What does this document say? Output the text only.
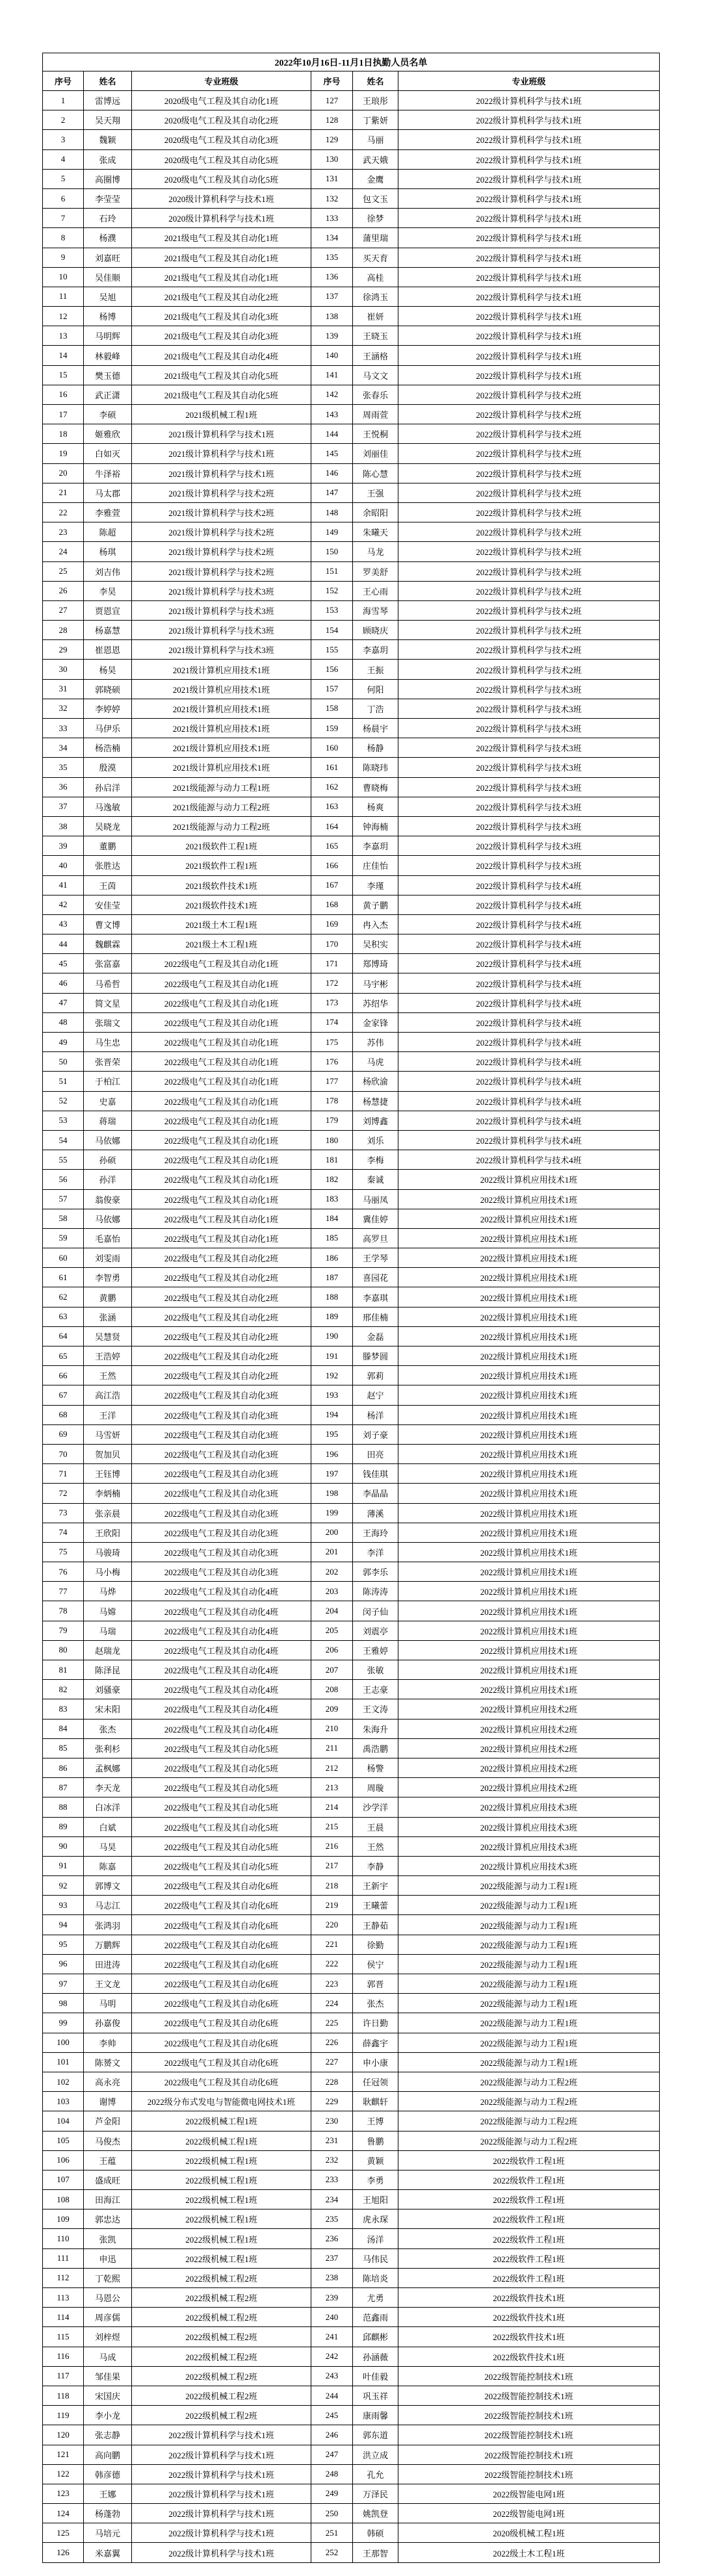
2022年10月16日-11月1日执勤人员名单
序号	姓名	专业班级	序号	姓名	专业班级
1	雷博远	2020级电气工程及其自动化1班	127	王琅彤	2022级计算机科学与技术1班
2	吴天翔	2020级电气工程及其自动化2班	128	丁紫妍	2022级计算机科学与技术1班
3	魏颖	2020级电气工程及其自动化3班	129	马丽	2022级计算机科学与技术1班
4	张成	2020级电气工程及其自动化5班	130	武天娥	2022级计算机科学与技术1班
5	高圈博	2020级电气工程及其自动化5班	131	金鹰	2022级计算机科学与技术1班
6	李莹莹	2020级计算机科学与技术1班	132	包文玉	2022级计算机科学与技术1班
7	石玲	2020级计算机科学与技术1班	133	徐梦	2022级计算机科学与技术1班
8	杨濮	2021级电气工程及其自动化1班	134	蒲里瑞	2022级计算机科学与技术1班
9	刘嘉旺	2021级电气工程及其自动化1班	135	买天育	2022级计算机科学与技术1班
10	吴佳顺	2021级电气工程及其自动化1班	136	高桂	2022级计算机科学与技术1班
11	吴旭	2021级电气工程及其自动化2班	137	徐鸿玉	2022级计算机科学与技术1班
12	杨博	2021级电气工程及其自动化3班	138	崔妍	2022级计算机科学与技术1班
13	马明辉	2021级电气工程及其自动化3班	139	王晓玉	2022级计算机科学与技术1班
14	林毅峰	2021级电气工程及其自动化4班	140	王涵格	2022级计算机科学与技术1班
15	樊玉德	2021级电气工程及其自动化5班	141	马文文	2022级计算机科学与技术1班
16	武正潇	2021级电气工程及其自动化5班	142	张春乐	2022级计算机科学与技术2班
17	李硕	2021级机械工程1班	143	周雨萱	2022级计算机科学与技术2班
18	姬雅欣	2021级计算机科学与技术1班	144	王悦桐	2022级计算机科学与技术2班
19	白如灭	2021级计算机科学与技术1班	145	刘丽佳	2022级计算机科学与技术2班
20	牛泽裕	2021级计算机科学与技术1班	146	陈心慧	2022级计算机科学与技术2班
21	马太郡	2021级计算机科学与技术2班	147	王强	2022级计算机科学与技术2班
22	李雅萱	2021级计算机科学与技术2班	148	余昭阳	2022级计算机科学与技术2班
23	陈超	2021级计算机科学与技术2班	149	朱曦天	2022级计算机科学与技术2班
24	杨琪	2021级计算机科学与技术2班	150	马龙	2022级计算机科学与技术2班
25	刘吉伟	2021级计算机科学与技术2班	151	罗美舒	2022级计算机科学与技术2班
26	李昊	2021级计算机科学与技术3班	152	王心雨	2022级计算机科学与技术2班
27	贾恩宣	2021级计算机科学与技术3班	153	海雪琴	2022级计算机科学与技术2班
28	杨嘉慧	2021级计算机科学与技术3班	154	顾晓庆	2022级计算机科学与技术2班
29	崔恩恩	2021级计算机科学与技术3班	155	李嘉玥	2022级计算机科学与技术2班
30	杨昊	2021级计算机应用技术1班	156	王振	2022级计算机科学与技术2班
31	郭晓硕	2021级计算机应用技术1班	157	何阳	2022级计算机科学与技术3班
32	李婷婷	2021级计算机应用技术1班	158	丁浩	2022级计算机科学与技术3班
33	马伊乐	2021级计算机应用技术1班	159	杨晨宇	2022级计算机科学与技术3班
34	杨浩楠	2021级计算机应用技术1班	160	杨静	2022级计算机科学与技术3班
35	殷漠	2021级计算机应用技术1班	161	陈晓玮	2022级计算机科学与技术3班
36	孙启洋	2021级能源与动力工程1班	162	曹晓梅	2022级计算机科学与技术3班
37	马逸敏	2021级能源与动力工程2班	163	杨爽	2022级计算机科学与技术3班
38	吴晓龙	2021级能源与动力工程2班	164	钟海楠	2022级计算机科学与技术3班
39	董鹏	2021级软件工程1班	165	李嘉玥	2022级计算机科学与技术3班
40	张胜达	2021级软件工程1班	166	庄佳怡	2022级计算机科学与技术3班
41	王茵	2021级软件技术1班	167	李瑾	2022级计算机科学与技术4班
42	安佳莹	2021级软件技术1班	168	黄子鹏	2022级计算机科学与技术4班
43	曹文博	2021级土木工程1班	169	冉入杰	2022级计算机科学与技术4班
44	魏麒霖	2021级土木工程1班	170	吴积实	2022级计算机科学与技术4班
45	张富嘉	2022级电气工程及其自动化1班	171	郑博琦	2022级计算机科学与技术4班
46	马希哲	2022级电气工程及其自动化1班	172	马宇彬	2022级计算机科学与技术4班
47	简文星	2022级电气工程及其自动化1班	173	苏绍华	2022级计算机科学与技术4班
48	张瑞文	2022级电气工程及其自动化1班	174	金家锋	2022级计算机科学与技术4班
49	马生忠	2022级电气工程及其自动化1班	175	苏伟	2022级计算机科学与技术4班
50	张晋荣	2022级电气工程及其自动化1班	176	马虎	2022级计算机科学与技术4班
51	于柏江	2022级电气工程及其自动化1班	177	杨欣渝	2022级计算机科学与技术4班
52	史嘉	2022级电气工程及其自动化1班	178	杨慧捷	2022级计算机科学与技术4班
53	蒋瑞	2022级电气工程及其自动化1班	179	刘博鑫	2022级计算机科学与技术4班
54	马依娜	2022级电气工程及其自动化1班	180	刘乐	2022级计算机科学与技术4班
55	孙硕	2022级电气工程及其自动化1班	181	李梅	2022级计算机科学与技术4班
56	孙洋	2022级电气工程及其自动化1班	182	秦诚	2022级计算机应用技术1班
57	翁俊豪	2022级电气工程及其自动化1班	183	马丽凤	2022级计算机应用技术1班
58	马依娜	2022级电气工程及其自动化1班	184	冀佳婷	2022级计算机应用技术1班
59	毛嘉怡	2022级电气工程及其自动化1班	185	高罗旦	2022级计算机应用技术1班
60	刘雯雨	2022级电气工程及其自动化2班	186	王学琴	2022级计算机应用技术1班
61	李智勇	2022级电气工程及其自动化2班	187	喜园花	2022级计算机应用技术1班
62	黄鹏	2022级电气工程及其自动化2班	188	李嘉琪	2022级计算机应用技术1班
63	张涵	2022级电气工程及其自动化2班	189	邢佳楠	2022级计算机应用技术1班
64	吴慧贤	2022级电气工程及其自动化2班	190	金磊	2022级计算机应用技术1班
65	王浩婷	2022级电气工程及其自动化2班	191	滕梦圆	2022级计算机应用技术1班
66	王然	2022级电气工程及其自动化2班	192	郭莉	2022级计算机应用技术1班
67	高江浩	2022级电气工程及其自动化3班	193	赵宁	2022级计算机应用技术1班
68	王洋	2022级电气工程及其自动化3班	194	杨洋	2022级计算机应用技术1班
69	马雪妍	2022级电气工程及其自动化3班	195	刘子豪	2022级计算机应用技术1班
70	贺加贝	2022级电气工程及其自动化3班	196	田亮	2022级计算机应用技术1班
71	王钰博	2022级电气工程及其自动化3班	197	钱佳琪	2022级计算机应用技术1班
72	李炳楠	2022级电气工程及其自动化3班	198	李晶晶	2022级计算机应用技术1班
73	张亲晨	2022级电气工程及其自动化3班	199	薄溪	2022级计算机应用技术1班
74	王欣阳	2022级电气工程及其自动化3班	200	王海玲	2022级计算机应用技术1班
75	马骏琦	2022级电气工程及其自动化3班	201	李洋	2022级计算机应用技术1班
76	马小梅	2022级电气工程及其自动化3班	202	郭李乐	2022级计算机应用技术1班
77	马烨	2022级电气工程及其自动化4班	203	陈涛涛	2022级计算机应用技术1班
78	马嫦	2022级电气工程及其自动化4班	204	闵子仙	2022级计算机应用技术1班
79	马瑞	2022级电气工程及其自动化4班	205	刘震亭	2022级计算机应用技术1班
80	赵瑞龙	2022级电气工程及其自动化4班	206	王雅婷	2022级计算机应用技术1班
81	陈泽昆	2022级电气工程及其自动化4班	207	张敏	2022级计算机应用技术1班
82	刘骚豪	2022级电气工程及其自动化4班	208	王志豪	2022级计算机应用技术1班
83	宋未阳	2022级电气工程及其自动化4班	209	王文涛	2022级计算机应用技术2班
84	张杰	2022级电气工程及其自动化4班	210	朱海升	2022级计算机应用技术2班
85	张利杉	2022级电气工程及其自动化5班	211	禹浩鹏	2022级计算机应用技术2班
86	孟枫娜	2022级电气工程及其自动化5班	212	杨警	2022级计算机应用技术2班
87	李天龙	2022级电气工程及其自动化5班	213	周璇	2022级计算机应用技术2班
88	白冰洋	2022级电气工程及其自动化5班	214	沙学洋	2022级计算机应用技术3班
89	白斌	2022级电气工程及其自动化5班	215	王晨	2022级计算机应用技术3班
90	马昊	2022级电气工程及其自动化5班	216	王然	2022级计算机应用技术3班
91	陈嘉	2022级电气工程及其自动化5班	217	李静	2022级计算机应用技术3班
92	郭博文	2022级电气工程及其自动化6班	218	王新宇	2022级能源与动力工程1班
93	马志江	2022级电气工程及其自动化6班	219	王曦蕾	2022级能源与动力工程1班
94	张鸿羽	2022级电气工程及其自动化6班	220	王静茹	2022级能源与动力工程1班
95	万鹏辉	2022级电气工程及其自动化6班	221	徐勤	2022级能源与动力工程1班
96	田进涛	2022级电气工程及其自动化6班	222	侯宁	2022级能源与动力工程1班
97	王文龙	2022级电气工程及其自动化6班	223	郭晋	2022级能源与动力工程1班
98	马明	2022级电气工程及其自动化6班	224	张杰	2022级能源与动力工程1班
99	孙嘉俊	2022级电气工程及其自动化6班	225	许日勤	2022级能源与动力工程1班
100	李帅	2022级电气工程及其自动化6班	226	薛鑫宇	2022级能源与动力工程1班
101	陈赟文	2022级电气工程及其自动化6班	227	申小康	2022级能源与动力工程1班
102	高永亮	2022级电气工程及其自动化6班	228	任冠领	2022级能源与动力工程2班
103	谢博	2022级分布式发电与智能微电网技术1班	229	耿麒轩	2022级能源与动力工程2班
104	芦金阳	2022级机械工程1班	230	王博	2022级能源与动力工程2班
105	马俊杰	2022级机械工程1班	231	鲁鹏	2022级能源与动力工程2班
106	王蕴	2022级机械工程1班	232	黄颖	2022级软件工程1班
107	盛成旺	2022级机械工程1班	233	李勇	2022级软件工程1班
108	田海江	2022级机械工程1班	234	王旭阳	2022级软件工程1班
109	郭忠达	2022级机械工程1班	235	虎永琛	2022级软件工程1班
110	张凯	2022级机械工程1班	236	汤洋	2022级软件工程1班
111	申迅	2022级机械工程1班	237	马伟民	2022级软件工程1班
112	丁乾熙	2022级机械工程2班	238	陈培炎	2022级软件工程1班
113	马恩公	2022级机械工程2班	239	尤勇	2022级软件技术1班
114	周彦儒	2022级机械工程2班	240	范鑫雨	2022级软件技术1班
115	刘梓煜	2022级机械工程2班	241	邱麒彬	2022级软件技术1班
116	马成	2022级机械工程2班	242	孙涵薇	2022级软件技术1班
117	邹佳果	2022级机械工程2班	243	叶佳毅	2022级智能控制技术1班
118	宋国庆	2022级机械工程2班	244	巩玉祥	2022级智能控制技术1班
119	李小龙	2022级机械工程2班	245	康雨馨	2022级智能控制技术1班
120	张志静	2022级计算机科学与技术1班	246	郭东道	2022级智能控制技术1班
121	高向鹏	2022级计算机科学与技术1班	247	洪立成	2022级智能控制技术1班
122	韩彦德	2022级计算机科学与技术1班	248	孔允	2022级智能控制技术1班
123	王娜	2022级计算机科学与技术1班	249	万泽民	2022级智能电网1班
124	杨蓬勃	2022级计算机科学与技术1班	250	姚凯登	2022级智能电网1班
125	马培元	2022级计算机科学与技术1班	251	韩硕	2020级机械工程1班
126	米嘉翼	2022级计算机科学与技术1班	252	王那智	2022级土木工程1班
